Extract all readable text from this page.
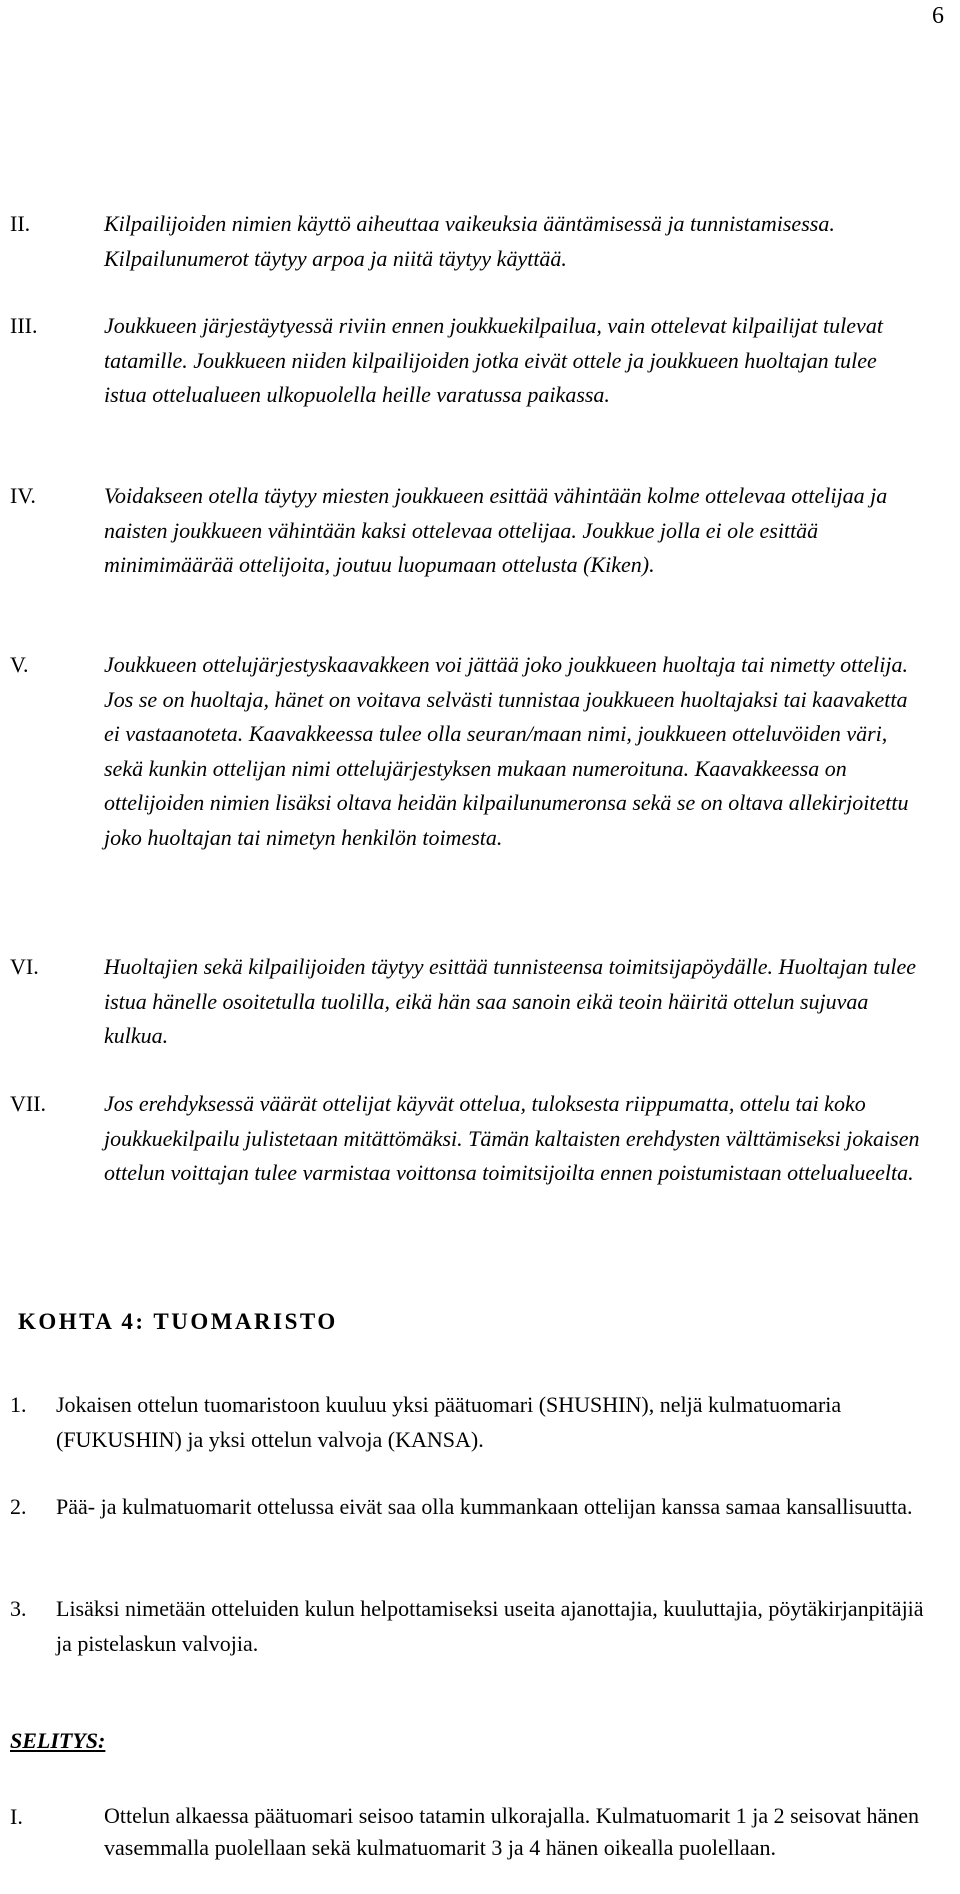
6
II.	Kilpailijoiden nimien käyttö aiheuttaa vaikeuksia ääntämisessä ja tunnistamisessa. Kilpailunumerot täytyy arpoa ja niitä täytyy käyttää.

III.	Joukkueen järjestäytyessä riviin ennen joukkuekilpailua, vain ottelevat kilpailijat tulevat tatamille. Joukkueen niiden kilpailijoiden jotka eivät ottele ja joukkueen huoltajan tulee istua ottelualueen ulkopuolella heille varatussa paikassa.

IV.	Voidakseen otella täytyy miesten joukkueen esittää vähintään kolme ottelevaa ottelijaa ja naisten joukkueen vähintään kaksi ottelevaa ottelijaa. Joukkue jolla ei ole esittää minimimäärää ottelijoita, joutuu luopumaan ottelusta (Kiken).

V.	Joukkueen ottelujärjestyskaavakkeen voi jättää joko joukkueen huoltaja tai nimetty ottelija. Jos se on huoltaja, hänet on voitava selvästi tunnistaa joukkueen huoltajaksi tai kaavaketta ei vastaanoteta. Kaavakkeessa tulee olla seuran/maan nimi, joukkueen otteluvöiden väri, sekä kunkin ottelijan nimi ottelujärjestyksen mukaan numeroituna. Kaavakkeessa on ottelijoiden nimien lisäksi oltava heidän kilpailunumeronsa sekä se on oltava allekirjoitettu joko huoltajan tai nimetyn henkilön toimesta.

VI.	Huoltajien sekä kilpailijoiden täytyy esittää tunnisteensa toimitsijapöydälle. Huoltajan tulee istua hänelle osoitetulla tuolilla, eikä hän saa sanoin eikä teoin häiritä ottelun sujuvaa kulkua.

VII.	Jos erehdyksessä väärät ottelijat käyvät ottelua, tuloksesta riippumatta, ottelu tai koko joukkuekilpailu julistetaan mitättömäksi. Tämän kaltaisten erehdysten välttämiseksi jokaisen ottelun voittajan tulee varmistaa voittonsa toimitsijoilta ennen poistumistaan ottelualueelta.

KOHTA 4: TUOMARISTO
1. Jokaisen ottelun tuomaristoon kuuluu yksi päätuomari (SHUSHIN), neljä kulmatuomaria (FUKUSHIN) ja yksi ottelun valvoja (KANSA).

2. Pää- ja kulmatuomarit ottelussa eivät saa olla kummankaan ottelijan kanssa samaa kansallisuutta.

3. Lisäksi nimetään otteluiden kulun helpottamiseksi useita ajanottajia, kuuluttajia, pöytäkirjanpitäjiä ja pistelaskun valvojia.

SELITYS:
I.	Ottelun alkaessa päätuomari seisoo tatamin ulkorajalla. Kulmatuomarit 1 ja 2 seisovat hänen vasemmalla puolellaan sekä kulmatuomarit 3 ja 4 hänen oikealla puolellaan.
